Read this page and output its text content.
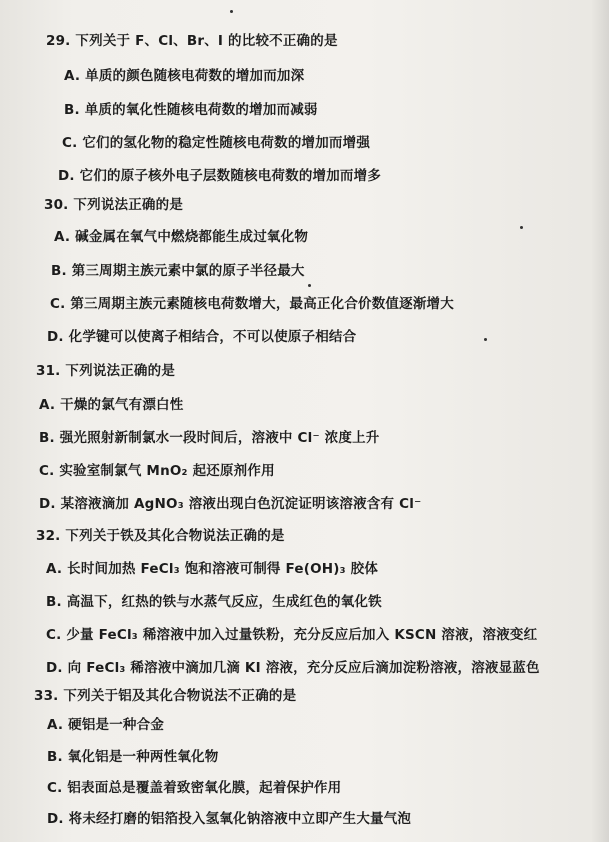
29. 下列关于 F、Cl、Br、I 的比较不正确的是
A. 单质的颜色随核电荷数的增加而加深
B. 单质的氧化性随核电荷数的增加而减弱
C. 它们的氢化物的稳定性随核电荷数的增加而增强
D. 它们的原子核外电子层数随核电荷数的增加而增多
30. 下列说法正确的是
A. 碱金属在氧气中燃烧都能生成过氧化物
B. 第三周期主族元素中氯的原子半径最大
C. 第三周期主族元素随核电荷数增大，最高正化合价数值逐渐增大
D. 化学键可以使离子相结合，不可以使原子相结合
31. 下列说法正确的是
A. 干燥的氯气有漂白性
B. 强光照射新制氯水一段时间后，溶液中 Cl⁻ 浓度上升
C. 实验室制氯气 MnO₂ 起还原剂作用
D. 某溶液滴加 AgNO₃ 溶液出现白色沉淀证明该溶液含有 Cl⁻
32. 下列关于铁及其化合物说法正确的是
A. 长时间加热 FeCl₃ 饱和溶液可制得 Fe(OH)₃ 胶体
B. 高温下，红热的铁与水蒸气反应，生成红色的氧化铁
C. 少量 FeCl₃ 稀溶液中加入过量铁粉，充分反应后加入 KSCN 溶液，溶液变红
D. 向 FeCl₃ 稀溶液中滴加几滴 KI 溶液，充分反应后滴加淀粉溶液，溶液显蓝色
33. 下列关于铝及其化合物说法不正确的是
A. 硬铝是一种合金
B. 氧化铝是一种两性氧化物
C. 铝表面总是覆盖着致密氧化膜，起着保护作用
D. 将未经打磨的铝箔投入氢氧化钠溶液中立即产生大量气泡
